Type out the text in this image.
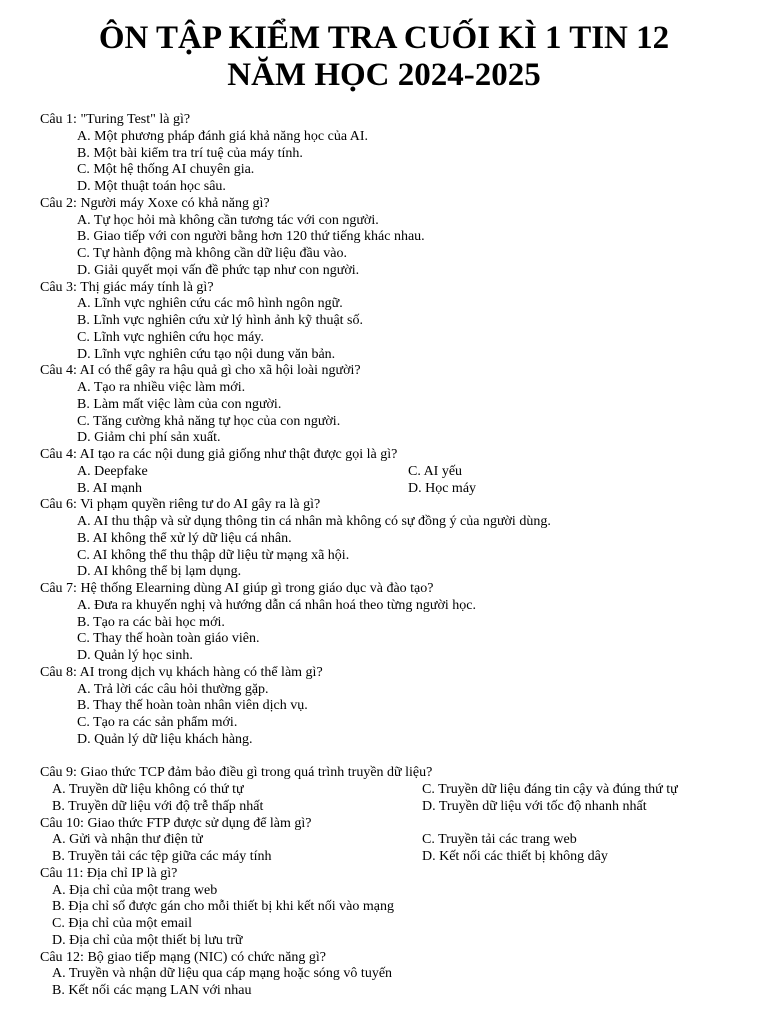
ÔN TẬP KIỂM TRA CUỐI KÌ 1 TIN 12
NĂM HỌC 2024-2025
Câu 1: "Turing Test" là gì?
A. Một phương pháp đánh giá khả năng học của AI.
B. Một bài kiểm tra trí tuệ của máy tính.
C. Một hệ thống AI chuyên gia.
D. Một thuật toán học sâu.
Câu 2: Người máy Xoxe có khả năng gì?
A. Tự học hỏi mà không cần tương tác với con người.
B. Giao tiếp với con người bằng hơn 120 thứ tiếng khác nhau.
C. Tự hành động mà không cần dữ liệu đầu vào.
D. Giải quyết mọi vấn đề phức tạp như con người.
Câu 3: Thị giác máy tính là gì?
A. Lĩnh vực nghiên cứu các mô hình ngôn ngữ.
B. Lĩnh vực nghiên cứu xử lý hình ảnh kỹ thuật số.
C. Lĩnh vực nghiên cứu học máy.
D. Lĩnh vực nghiên cứu tạo nội dung văn bản.
Câu 4: AI có thể gây ra hậu quả gì cho xã hội loài người?
A. Tạo ra nhiều việc làm mới.
B. Làm mất việc làm của con người.
C. Tăng cường khả năng tự học của con người.
D. Giảm chi phí sản xuất.
Câu 4: AI tạo ra các nội dung giả giống như thật được gọi là gì?
A. Deepfake	C. AI yếu
B. AI mạnh	D. Học máy
Câu 6: Vi phạm quyền riêng tư do AI gây ra là gì?
A. AI thu thập và sử dụng thông tin cá nhân mà không có sự đồng ý của người dùng.
B. AI không thể xử lý dữ liệu cá nhân.
C. AI không thể thu thập dữ liệu từ mạng xã hội.
D. AI không thể bị lạm dụng.
Câu 7: Hệ thống Elearning dùng AI giúp gì trong giáo dục và đào tạo?
A. Đưa ra khuyến nghị và hướng dẫn cá nhân hoá theo từng người học.
B. Tạo ra các bài học mới.
C. Thay thế hoàn toàn giáo viên.
D. Quản lý học sinh.
Câu 8: AI trong dịch vụ khách hàng có thể làm gì?
A. Trả lời các câu hỏi thường gặp.
B. Thay thế hoàn toàn nhân viên dịch vụ.
C. Tạo ra các sản phẩm mới.
D. Quản lý dữ liệu khách hàng.
Câu 9: Giao thức TCP đảm bảo điều gì trong quá trình truyền dữ liệu?
A. Truyền dữ liệu không có thứ tự	C. Truyền dữ liệu đáng tin cậy và đúng thứ tự
B. Truyền dữ liệu với độ trễ thấp nhất	D. Truyền dữ liệu với tốc độ nhanh nhất
Câu 10: Giao thức FTP được sử dụng để làm gì?
A. Gửi và nhận thư điện tử	C. Truyền tải các trang web
B. Truyền tải các tệp giữa các máy tính	D. Kết nối các thiết bị không dây
Câu 11: Địa chỉ IP là gì?
A. Địa chỉ của một trang web
B. Địa chỉ số được gán cho mỗi thiết bị khi kết nối vào mạng
C. Địa chỉ của một email
D. Địa chỉ của một thiết bị lưu trữ
Câu 12: Bộ giao tiếp mạng (NIC) có chức năng gì?
A. Truyền và nhận dữ liệu qua cáp mạng hoặc sóng vô tuyến
B. Kết nối các mạng LAN với nhau
